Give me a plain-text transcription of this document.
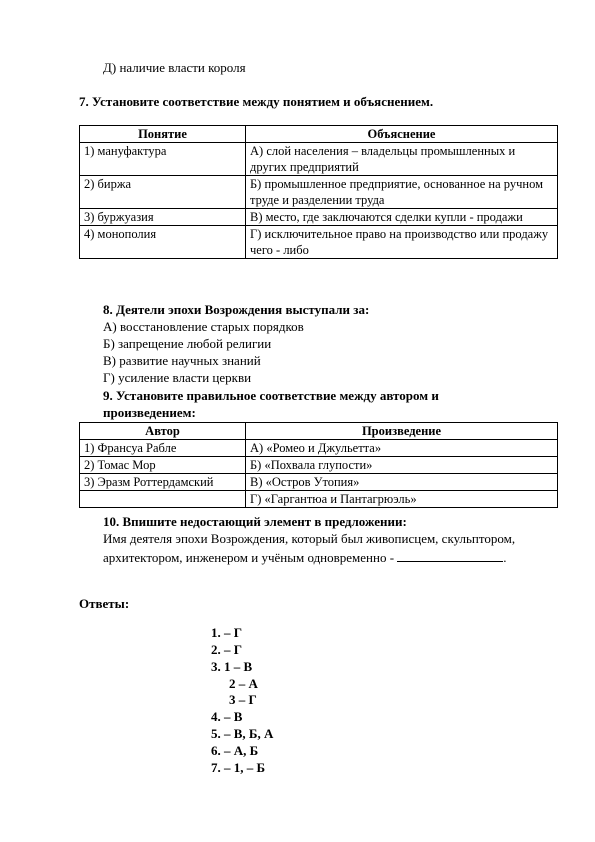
Д) наличие власти короля
7. Установите соответствие между понятием и объяснением.
Понятие	Объяснение
1) мануфактура	А) слой населения – владельцы промышленных и других предприятий
2) биржа	Б) промышленное предприятие, основанное на ручном труде и разделении труда
3) буржуазия	В) место, где заключаются сделки купли - продажи
4) монополия	Г) исключительное право на производство или продажу чего - либо
8. Деятели эпохи Возрождения выступали за:
А) восстановление старых порядков
Б) запрещение любой религии
В) развитие научных знаний
Г) усиление власти церкви
9. Установите правильное соответствие между автором и
произведением:
Автор	Произведение
1) Франсуа Рабле	А) «Ромео и Джульетта»
2) Томас Мор	Б) «Похвала глупости»
3) Эразм Роттердамский	В) «Остров Утопия»
	Г) «Гаргантюа и Пантагрюэль»
10. Впишите недостающий элемент в предложении:
Имя деятеля эпохи Возрождения, который был живописцем, скульптором,
архитектором, инженером и учёным одновременно -	.
Ответы:
1. – Г
2. – Г
3. 1 – В
2 – А
3 – Г
4. – В
5. – В, Б, А
6. – А, Б
7. – 1, – Б
